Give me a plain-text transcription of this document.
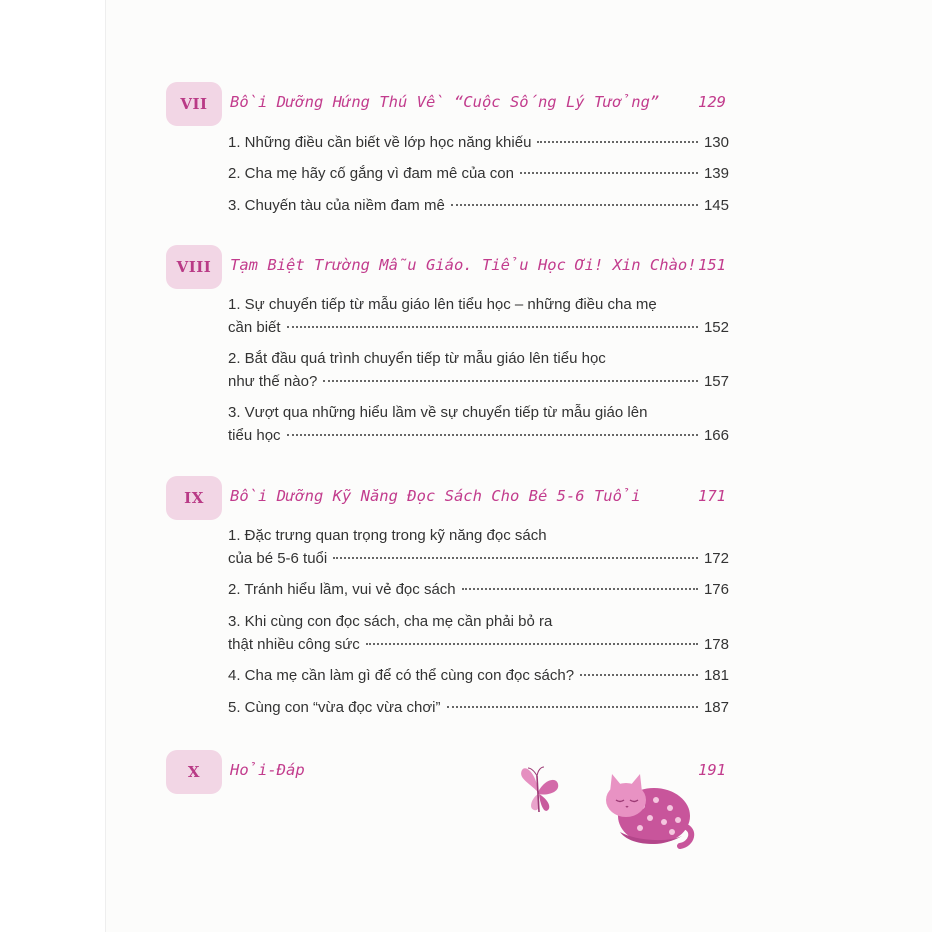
VII	Bồi Dưỡng Hứng Thú Về “Cuộc Sống Lý Tưởng” 129
1. Những điều cần biết về lớp học năng khiếu	130
2. Cha mẹ hãy cố gắng vì đam mê của con	139
3. Chuyến tàu của niềm đam mê	145
VIII	Tạm Biệt Trường Mẫu Giáo. Tiểu Học Ơi! Xin Chào! 151
1. Sự chuyển tiếp từ mẫu giáo lên tiểu học – những điều cha mẹ
cần biết	152
2. Bắt đầu quá trình chuyển tiếp từ mẫu giáo lên tiểu học
như thế nào?	157
3. Vượt qua những hiểu lầm về sự chuyển tiếp từ mẫu giáo lên
tiểu học	166
IX	Bồi Dưỡng Kỹ Năng Đọc Sách Cho Bé 5-6 Tuổi	171
1. Đặc trưng quan trọng trong kỹ năng đọc sách
của bé 5-6 tuổi	172
2. Tránh hiểu lầm, vui vẻ đọc sách	176
3. Khi cùng con đọc sách, cha mẹ cần phải bỏ ra
thật nhiều công sức	178
4. Cha mẹ cần làm gì để có thể cùng con đọc sách?	181
5. Cùng con “vừa đọc vừa chơi”	187
X	Hỏi-Đáp	191
